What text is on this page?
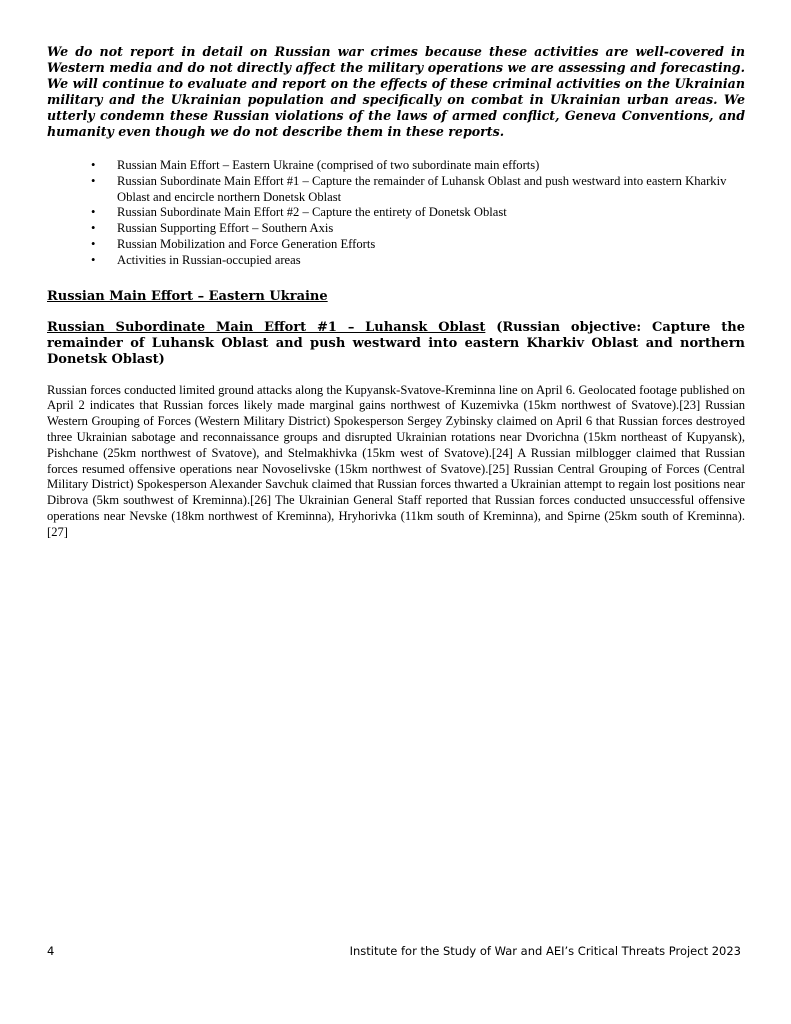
We do not report in detail on Russian war crimes because these activities are well-covered in Western media and do not directly affect the military operations we are assessing and forecasting. We will continue to evaluate and report on the effects of these criminal activities on the Ukrainian military and the Ukrainian population and specifically on combat in Ukrainian urban areas. We utterly condemn these Russian violations of the laws of armed conflict, Geneva Conventions, and humanity even though we do not describe them in these reports.

• Russian Main Effort – Eastern Ukraine (comprised of two subordinate main efforts)
• Russian Subordinate Main Effort #1 – Capture the remainder of Luhansk Oblast and push westward into eastern Kharkiv Oblast and encircle northern Donetsk Oblast
• Russian Subordinate Main Effort #2 – Capture the entirety of Donetsk Oblast
• Russian Supporting Effort – Southern Axis
• Russian Mobilization and Force Generation Efforts
• Activities in Russian-occupied areas
Russian Main Effort – Eastern Ukraine
Russian Subordinate Main Effort #1 – Luhansk Oblast (Russian objective: Capture the remainder of Luhansk Oblast and push westward into eastern Kharkiv Oblast and northern Donetsk Oblast)

Russian forces conducted limited ground attacks along the Kupyansk-Svatove-Kreminna line on April 6. Geolocated footage published on April 2 indicates that Russian forces likely made marginal gains northwest of Kuzemivka (15km northwest of Svatove).[23] Russian Western Grouping of Forces (Western Military District) Spokesperson Sergey Zybinsky claimed on April 6 that Russian forces destroyed three Ukrainian sabotage and reconnaissance groups and disrupted Ukrainian rotations near Dvorichna (15km northeast of Kupyansk), Pishchane (25km northwest of Svatove), and Stelmakhivka (15km west of Svatove).[24] A Russian milblogger claimed that Russian forces resumed offensive operations near Novoselivske (15km northwest of Svatove).[25] Russian Central Grouping of Forces (Central Military District) Spokesperson Alexander Savchuk claimed that Russian forces thwarted a Ukrainian attempt to regain lost positions near Dibrova (5km southwest of Kreminna).[26] The Ukrainian General Staff reported that Russian forces conducted unsuccessful offensive operations near Nevske (18km northwest of Kreminna), Hryhorivka (11km south of Kreminna), and Spirne (25km south of Kreminna).[27]

4	Institute for the Study of War and AEI’s Critical Threats Project 2023
